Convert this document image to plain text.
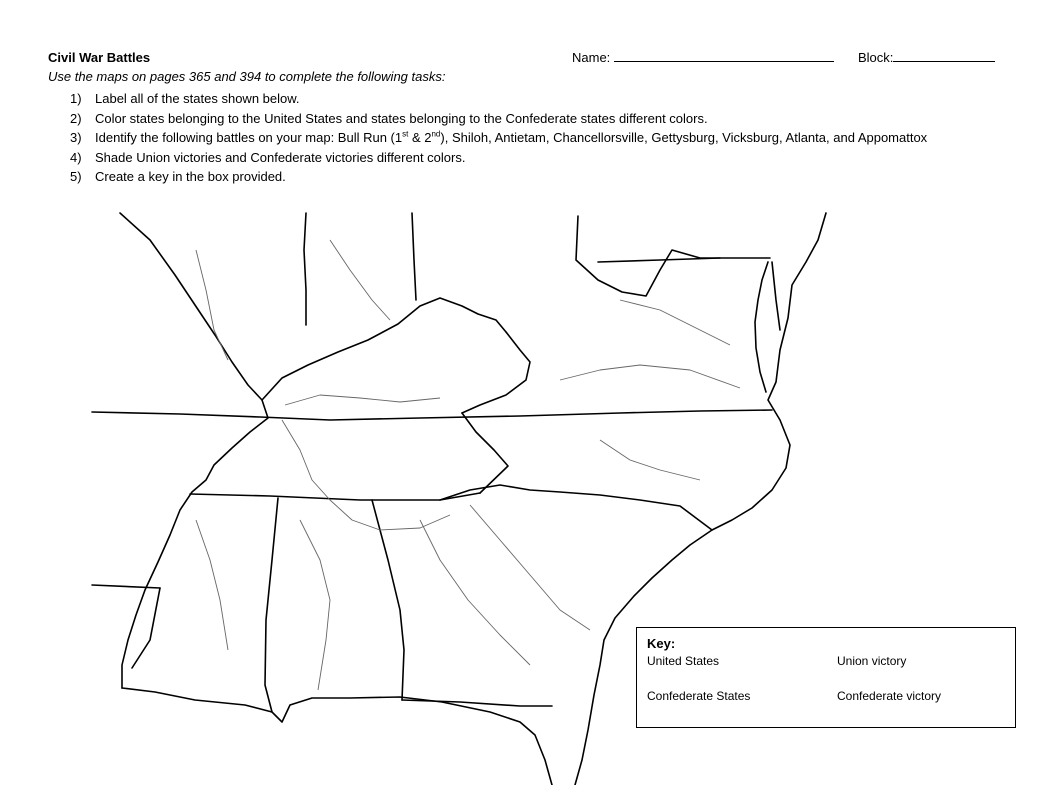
Civil War Battles	Name:	Block:
Use the maps on pages 365 and 394 to complete the following tasks:
1) Label all of the states shown below.
2) Color states belonging to the United States and states belonging to the Confederate states different colors.
3) Identify the following battles on your map: Bull Run (1st & 2nd), Shiloh, Antietam, Chancellorsville, Gettysburg, Vicksburg, Atlanta, and Appomattox
4) Shade Union victories and Confederate victories different colors.
5) Create a key in the box provided.
Key:
United States	Union victory
Confederate States	Confederate victory
